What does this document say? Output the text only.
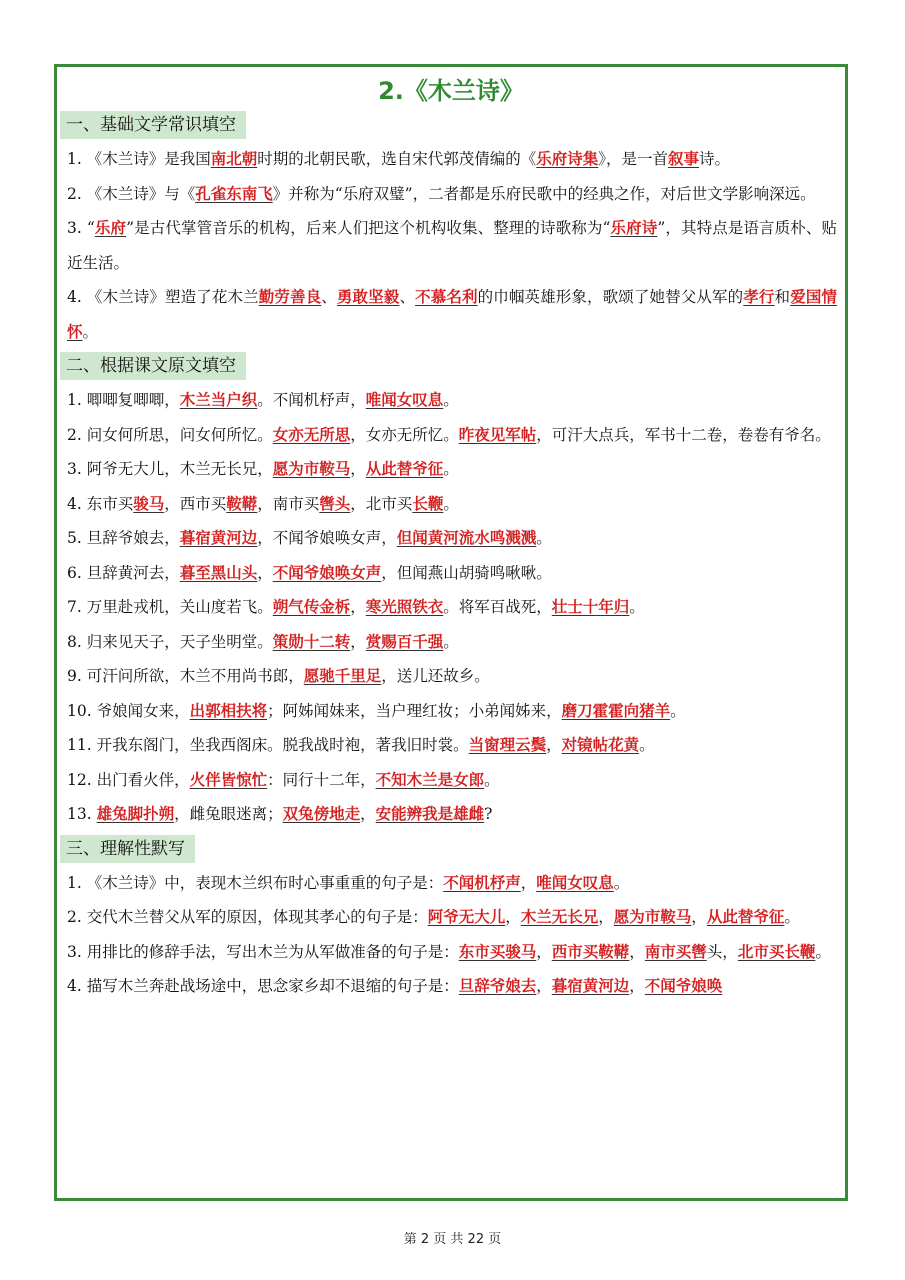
2.《木兰诗》
一、基础文学常识填空
1. 《木兰诗》是我国南北朝时期的北朝民歌，选自宋代郭茂倩编的《乐府诗集》，是一首叙事诗。
2. 《木兰诗》与《孔雀东南飞》并称为“乐府双璧”，二者都是乐府民歌中的经典之作，对后世文学影响深远。
3. “乐府”是古代掌管音乐的机构，后来人们把这个机构收集、整理的诗歌称为“乐府诗”，其特点是语言质朴、贴近生活。
4. 《木兰诗》塑造了花木兰勤劳善良、勇敢坚毅、不慕名利的巾帼英雄形象，歌颂了她替父从军的孝行和爱国情怀。
二、根据课文原文填空
1. 唧唧复唧唧，木兰当户织。不闻机杼声，唯闻女叹息。
2. 问女何所思，问女何所忆。女亦无所思，女亦无所忆。昨夜见军帖，可汗大点兵，军书十二卷，卷卷有爷名。
3. 阿爷无大儿，木兰无长兄，愿为市鞍马，从此替爷征。
4. 东市买骏马，西市买鞍鞯，南市买辔头，北市买长鞭。
5. 旦辞爷娘去，暮宿黄河边，不闻爷娘唤女声，但闻黄河流水鸣溅溅。
6. 旦辞黄河去，暮至黑山头，不闻爷娘唤女声，但闻燕山胡骑鸣啾啾。
7. 万里赴戎机，关山度若飞。朔气传金柝，寒光照铁衣。将军百战死，壮士十年归。
8. 归来见天子，天子坐明堂。策勋十二转，赏赐百千强。
9. 可汗问所欲，木兰不用尚书郎，愿驰千里足，送儿还故乡。
10. 爷娘闻女来，出郭相扶将；阿姊闻妹来，当户理红妆；小弟闻姊来，磨刀霍霍向猪羊。
11. 开我东阁门，坐我西阁床。脱我战时袍，著我旧时裳。当窗理云鬓，对镜帖花黄。
12. 出门看火伴，火伴皆惊忙：同行十二年，不知木兰是女郎。
13. 雄兔脚扑朔，雌兔眼迷离；双兔傍地走，安能辨我是雄雌?
三、理解性默写
1. 《木兰诗》中，表现木兰织布时心事重重的句子是：不闻机杼声，唯闻女叹息。
2. 交代木兰替父从军的原因，体现其孝心的句子是：阿爷无大儿，木兰无长兄，愿为市鞍马，从此替爷征。
3. 用排比的修辞手法，写出木兰为从军做准备的句子是：东市买骏马，西市买鞍鞯，南市买辔头，北市买长鞭。
4. 描写木兰奔赴战场途中，思念家乡却不退缩的句子是：旦辞爷娘去，暮宿黄河边，不闻爷娘唤
第 2 页 共 22 页
